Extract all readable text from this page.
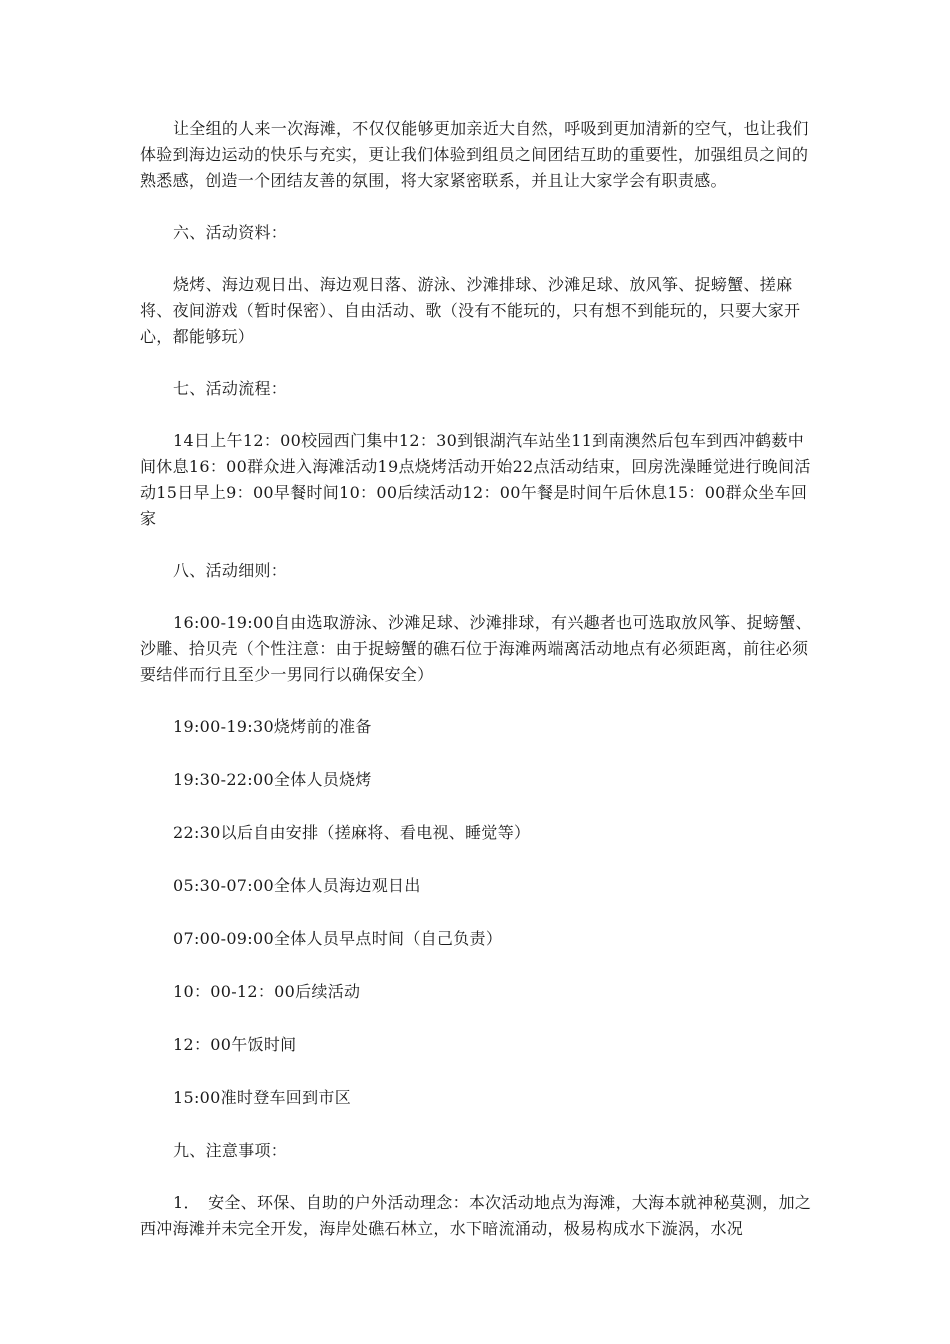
让全组的人来一次海滩，不仅仅能够更加亲近大自然，呼吸到更加清新的空气，也让我们体验到海边运动的快乐与充实，更让我们体验到组员之间团结互助的重要性，加强组员之间的熟悉感，创造一个团结友善的氛围，将大家紧密联系，并且让大家学会有职责感。

六、活动资料：

烧烤、海边观日出、海边观日落、游泳、沙滩排球、沙滩足球、放风筝、捉螃蟹、搓麻将、夜间游戏（暂时保密）、自由活动、歌（没有不能玩的，只有想不到能玩的，只要大家开心，都能够玩）

七、活动流程：

14日上午12：00校园西门集中12：30到银湖汽车站坐11到南澳然后包车到西冲鹤薮中间休息16：00群众进入海滩活动19点烧烤活动开始22点活动结束，回房洗澡睡觉进行晚间活动15日早上9：00早餐时间10：00后续活动12：00午餐是时间午后休息15：00群众坐车回家

八、活动细则：

16:00-19:00自由选取游泳、沙滩足球、沙滩排球，有兴趣者也可选取放风筝、捉螃蟹、沙雕、拾贝壳（个性注意：由于捉螃蟹的礁石位于海滩两端离活动地点有必须距离，前往必须要结伴而行且至少一男同行以确保安全）

19:00-19:30烧烤前的准备

19:30-22:00全体人员烧烤

22:30以后自由安排（搓麻将、看电视、睡觉等）

05:30-07:00全体人员海边观日出

07:00-09:00全体人员早点时间（自己负责）

10：00-12：00后续活动

12：00午饭时间

15:00准时登车回到市区

九、注意事项：

1．　安全、环保、自助的户外活动理念：本次活动地点为海滩，大海本就神秘莫测，加之西冲海滩并未完全开发，海岸处礁石林立，水下暗流涌动，极易构成水下漩涡，水况
